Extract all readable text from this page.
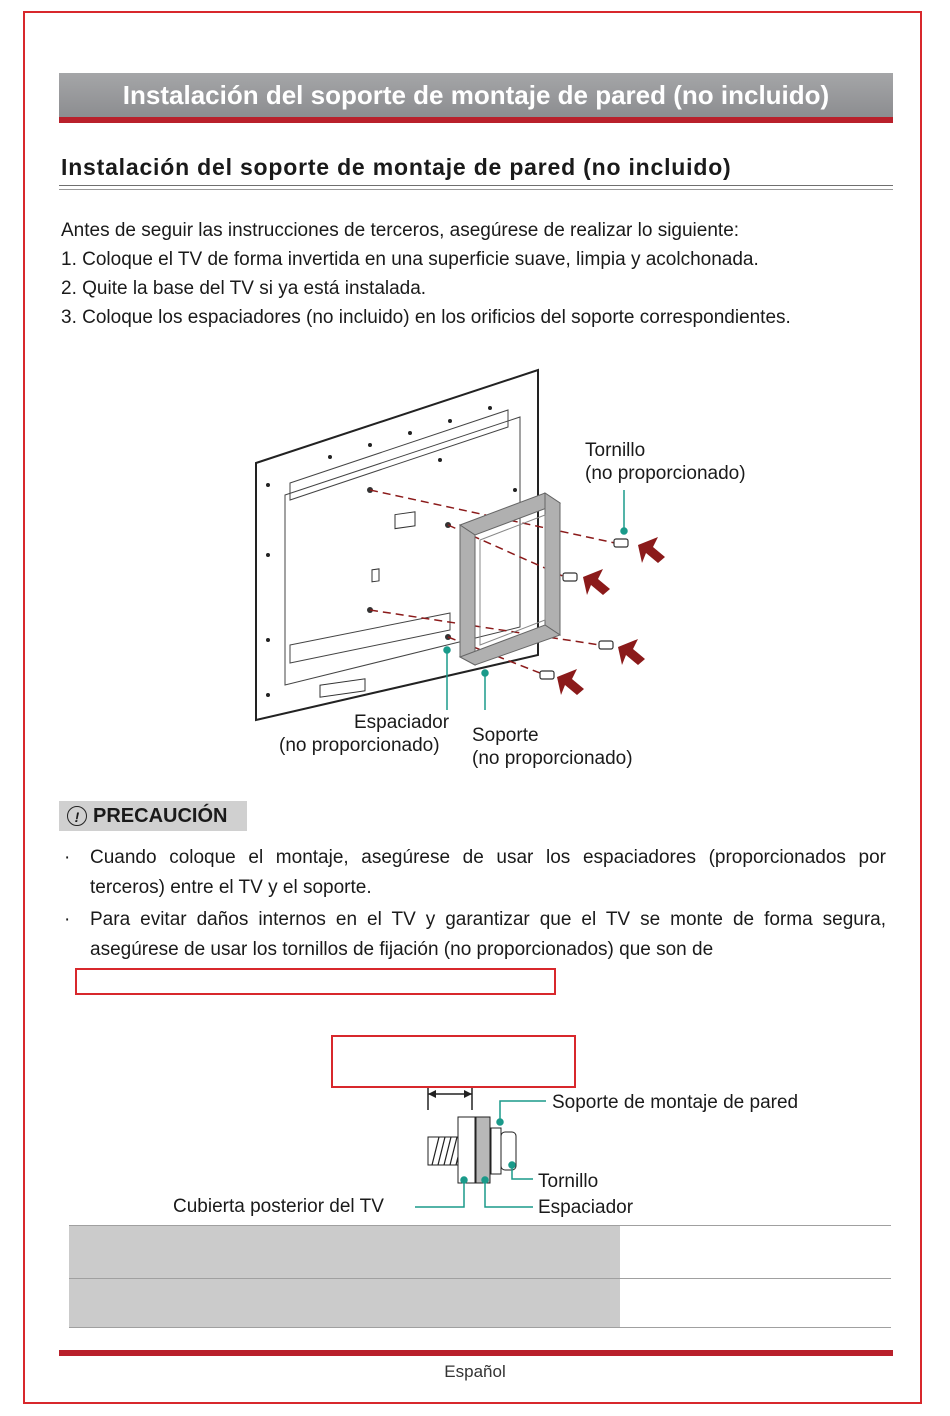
Instalación del soporte de montaje de pared (no incluido)
Instalación del soporte de montaje de pared (no incluido)
Antes de seguir las instrucciones de terceros, asegúrese de realizar lo siguiente:
1. Coloque el TV de forma invertida en una superficie suave, limpia y acolchonada.
2. Quite la base del TV si ya está instalada.
3. Coloque los espaciadores (no incluido) en los orificios del soporte correspondientes.
Tornillo
(no proporcionado)
Espaciador
(no proporcionado) Soporte
(no proporcionado)
! PRECAUCIÓN
· Cuando coloque el montaje, asegúrese de usar los espaciadores (proporcionados por terceros) entre el TV y el soporte.
· Para evitar daños internos en el TV y garantizar que el TV se monte de forma segura, asegúrese de usar los tornillos de fijación (no proporcionados) que son de
Soporte de montaje de pared
Tornillo
Cubierta posterior del TV	Espaciador

Español
